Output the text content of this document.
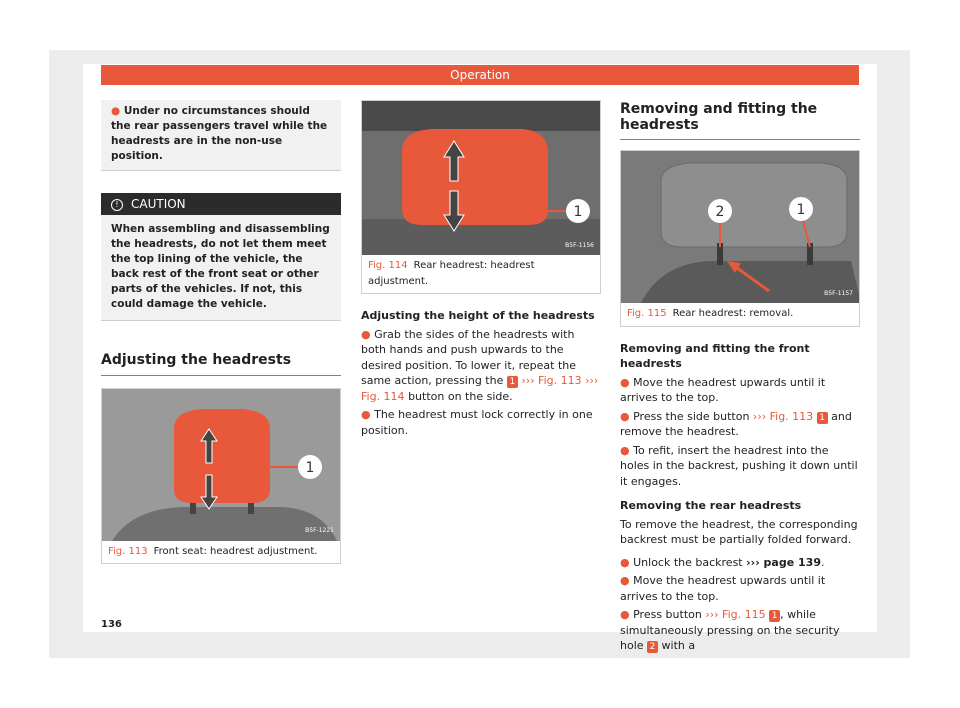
Operation
● Under no circumstances should the rear passengers travel while the headrests are in the non-use position.
! CAUTION
When assembling and disassembling the headrests, do not let them meet the top lining of the vehicle, the back rest of the front seat or other parts of the vehicles. If not, this could damage the vehicle.
Adjusting the headrests
1
B5F-1221
Fig. 113 Front seat: headrest adjustment.
1
B5F-1156
Fig. 114 Rear headrest: headrest adjustment.
Adjusting the height of the headrests
● Grab the sides of the headrests with both hands and push upwards to the desired position. To lower it, repeat the same action, pressing the 1 ››› Fig. 113 ››› Fig. 114 button on the side.
● The headrest must lock correctly in one position.
Removing and fitting the headrests
1
2
B5F-1157
Fig. 115 Rear headrest: removal.
Removing and fitting the front headrests
● Move the headrest upwards until it arrives to the top.
● Press the side button ››› Fig. 113 1 and remove the headrest.
● To refit, insert the headrest into the holes in the backrest, pushing it down until it engages.
Removing the rear headrests
To remove the headrest, the corresponding backrest must be partially folded forward.
● Unlock the backrest ››› page 139.
● Move the headrest upwards until it arrives to the top.
● Press button ››› Fig. 115 1 , while simultaneously pressing on the security hole 2 with a
136
